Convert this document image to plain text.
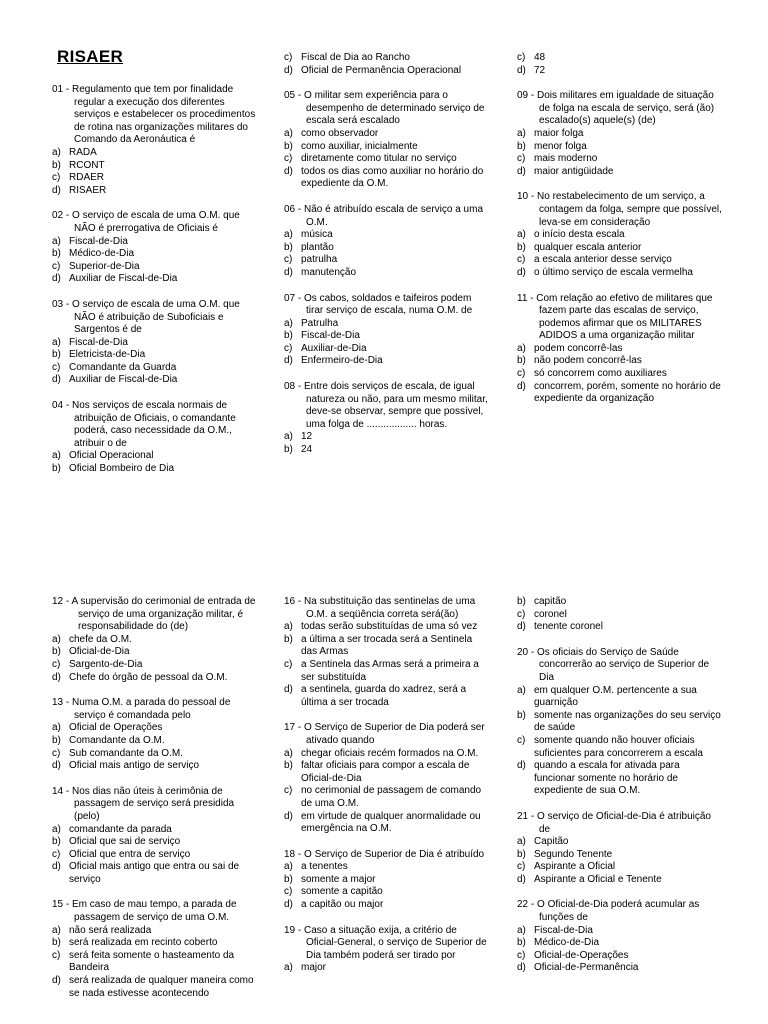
RISAER
01 - Regulamento que tem por finalidade regular a execução dos diferentes serviços e estabelecer os procedimentos de rotina nas organizações militares do Comando da Aeronáutica é
a) RADA
b) RCONT
c) RDAER
d) RISAER
02 - O serviço de escala de uma O.M. que NÃO é prerrogativa de Oficiais é
a) Fiscal-de-Dia
b) Médico-de-Dia
c) Superior-de-Dia
d) Auxiliar de Fiscal-de-Dia
03 - O serviço de escala de uma O.M. que NÃO é atribuição de Suboficiais e Sargentos é de
a) Fiscal-de-Dia
b) Eletricista-de-Dia
c) Comandante da Guarda
d) Auxiliar de Fiscal-de-Dia
04 - Nos serviços de escala normais de atribuição de Oficiais, o comandante poderá, caso necessidade da O.M., atribuir o de
a) Oficial Operacional
b) Oficial Bombeiro de Dia
c) Fiscal de Dia ao Rancho
d) Oficial de Permanência Operacional
05 - O militar sem experiência para o desempenho de determinado serviço de escala será escalado
a) como observador
b) como auxiliar, inicialmente
c) diretamente como titular no serviço
d) todos os dias como auxiliar no horário do expediente da O.M.
06 - Não é atribuído escala de serviço a uma O.M.
a) música
b) plantão
c) patrulha
d) manutenção
07 - Os cabos, soldados e taifeiros podem tirar serviço de escala, numa O.M. de
a) Patrulha
b) Fiscal-de-Dia
c) Auxiliar-de-Dia
d) Enfermeiro-de-Dia
08 - Entre dois serviços de escala, de igual natureza ou não, para um mesmo militar, deve-se observar, sempre que possível, uma folga de .................. horas.
a) 12
b) 24
c) 48
d) 72
09 - Dois militares em igualdade de situação de folga na escala de serviço, será (ão) escalado(s) aquele(s) (de)
a) maior folga
b) menor folga
c) mais moderno
d) maior antigüidade
10 - No restabelecimento de um serviço, a contagem da folga, sempre que possível, leva-se em consideração
a) o início desta escala
b) qualquer escala anterior
c) a escala anterior desse serviço
d) o último serviço de escala vermelha
11 - Com relação ao efetivo de militares que fazem parte das escalas de serviço, podemos afirmar que os MILITARES ADIDOS a uma organização militar
a) podem concorrê-las
b) não podem concorrê-las
c) só concorrem como auxiliares
d) concorrem, porém, somente no horário de expediente da organização
12 - A supervisão do cerimonial de entrada de serviço de uma organização militar, é responsabilidade do (de)
a) chefe da O.M.
b) Oficial-de-Dia
c) Sargento-de-Dia
d) Chefe do órgão de pessoal da O.M.
13 - Numa O.M. a parada do pessoal de serviço é comandada pelo
a) Oficial de Operações
b) Comandante da O.M.
c) Sub comandante da O.M.
d) Oficial mais antigo de serviço
14 - Nos dias não úteis à cerimônia de passagem de serviço será presidida (pelo)
a) comandante da parada
b) Oficial que sai de serviço
c) Oficial que entra de serviço
d) Oficial mais antigo que entra ou sai de serviço
15 - Em caso de mau tempo, a parada de passagem de serviço de uma O.M.
a) não será realizada
b) será realizada em recinto coberto
c) será feita somente o hasteamento da Bandeira
d) será realizada de qualquer maneira como se nada estivesse acontecendo
16 - Na substituição das sentinelas de uma O.M. a seqüência correta será(ão)
a) todas serão substituídas de uma só vez
b) a última a ser trocada será a Sentinela das Armas
c) a Sentinela das Armas será a primeira a ser substituída
d) a sentinela, guarda do xadrez, será a última a ser trocada
17 - O Serviço de Superior de Dia poderá ser ativado quando
a) chegar oficiais recém formados na O.M.
b) faltar oficiais para compor a escala de Oficial-de-Dia
c) no cerimonial de passagem de comando de uma O.M.
d) em virtude de qualquer anormalidade ou emergência na O.M.
18 - O Serviço de Superior de Dia é atribuído
a) a tenentes
b) somente a major
c) somente a capitão
d) a capitão ou major
19 - Caso a situação exija, a critério de Oficial-General, o serviço de Superior de Dia também poderá ser tirado por
a) major
b) capitão
c) coronel
d) tenente coronel
20 - Os oficiais do Serviço de Saúde concorrerão ao serviço de Superior de Dia
a) em qualquer O.M. pertencente a sua guarnição
b) somente nas organizações do seu serviço de saúde
c) somente quando não houver oficiais suficientes para concorrerem a escala
d) quando a escala for ativada para funcionar somente no horário de expediente de sua O.M.
21 - O serviço de Oficial-de-Dia é atribuição de
a) Capitão
b) Segundo Tenente
c) Aspirante a Oficial
d) Aspirante a Oficial e Tenente
22 - O Oficial-de-Dia poderá acumular as funções de
a) Fiscal-de-Dia
b) Médico-de-Dia
c) Oficial-de-Operações
d) Oficial-de-Permanência
